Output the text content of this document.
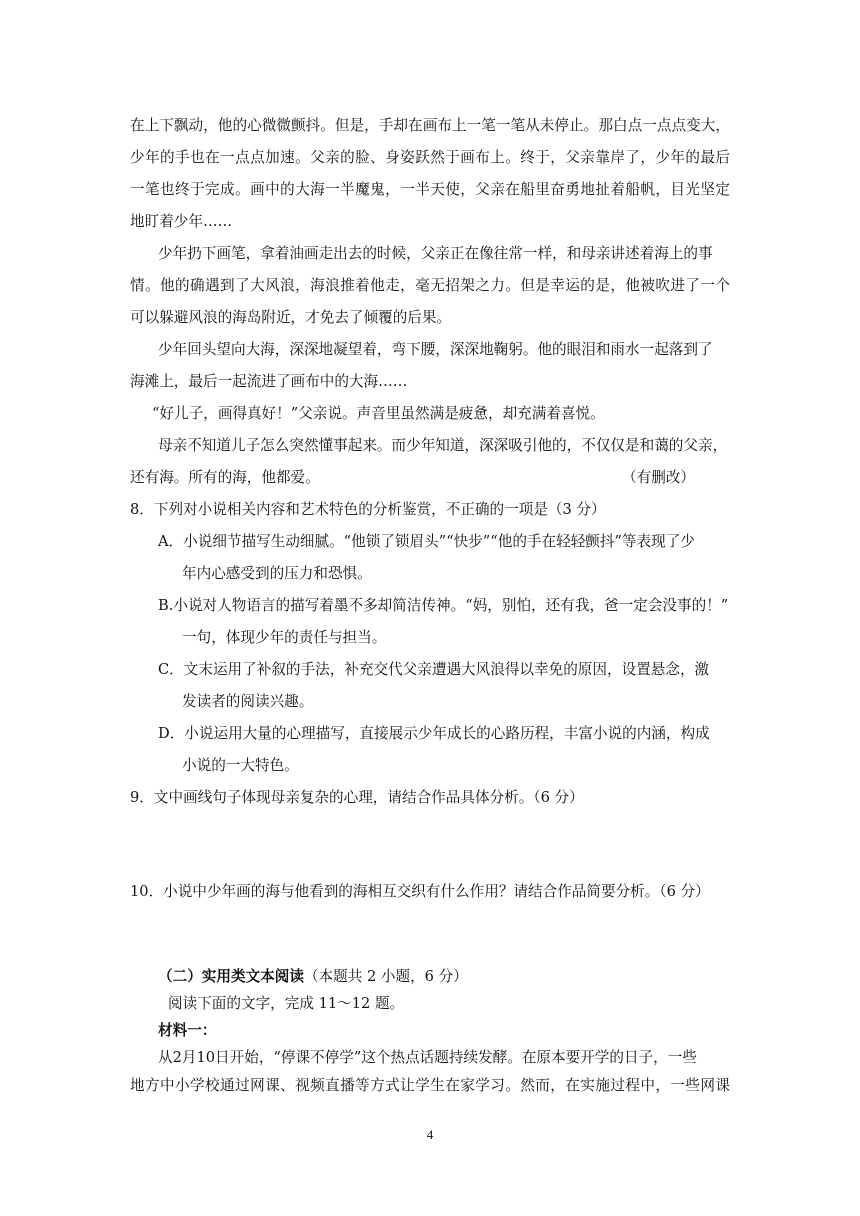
在上下飘动，他的心微微颤抖。但是，手却在画布上一笔一笔从未停止。那白点一点点变大，
少年的手也在一点点加速。父亲的脸、身姿跃然于画布上。终于，父亲靠岸了，少年的最后
一笔也终于完成。画中的大海一半魔鬼，一半天使，父亲在船里奋勇地扯着船帆，目光坚定
地盯着少年……
少年扔下画笔，拿着油画走出去的时候，父亲正在像往常一样，和母亲讲述着海上的事
情。他的确遇到了大风浪，海浪推着他走，毫无招架之力。但是幸运的是，他被吹进了一个
可以躲避风浪的海岛附近，才免去了倾覆的后果。
少年回头望向大海，深深地凝望着，弯下腰，深深地鞠躬。他的眼泪和雨水一起落到了
海滩上，最后一起流进了画布中的大海……
“好儿子，画得真好！”父亲说。声音里虽然满是疲惫，却充满着喜悦。
母亲不知道儿子怎么突然懂事起来。而少年知道，深深吸引他的，不仅仅是和蔼的父亲，
还有海。所有的海，他都爱。	（有删改）
8．下列对小说相关内容和艺术特色的分析鉴赏，不正确的一项是（3 分）
A．小说细节描写生动细腻。“他锁了锁眉头”“快步”“他的手在轻轻颤抖”等表现了少
年内心感受到的压力和恐惧。
B.小说对人物语言的描写着墨不多却简洁传神。“妈，别怕，还有我，爸一定会没事的！”
一句，体现少年的责任与担当。
C．文末运用了补叙的手法，补充交代父亲遭遇大风浪得以幸免的原因，设置悬念，激
发读者的阅读兴趣。
D．小说运用大量的心理描写，直接展示少年成长的心路历程，丰富小说的内涵，构成
小说的一大特色。
9．文中画线句子体现母亲复杂的心理，请结合作品具体分析。（6 分）
10．小说中少年画的海与他看到的海相互交织有什么作用？请结合作品简要分析。（6 分）
（二）实用类文本阅读（本题共 2 小题，6 分）
阅读下面的文字，完成 11～12 题。
材料一：
从2月10日开始，“停课不停学”这个热点话题持续发酵。在原本要开学的日子，一些
地方中小学校通过网课、视频直播等方式让学生在家学习。然而，在实施过程中，一些网课
4
